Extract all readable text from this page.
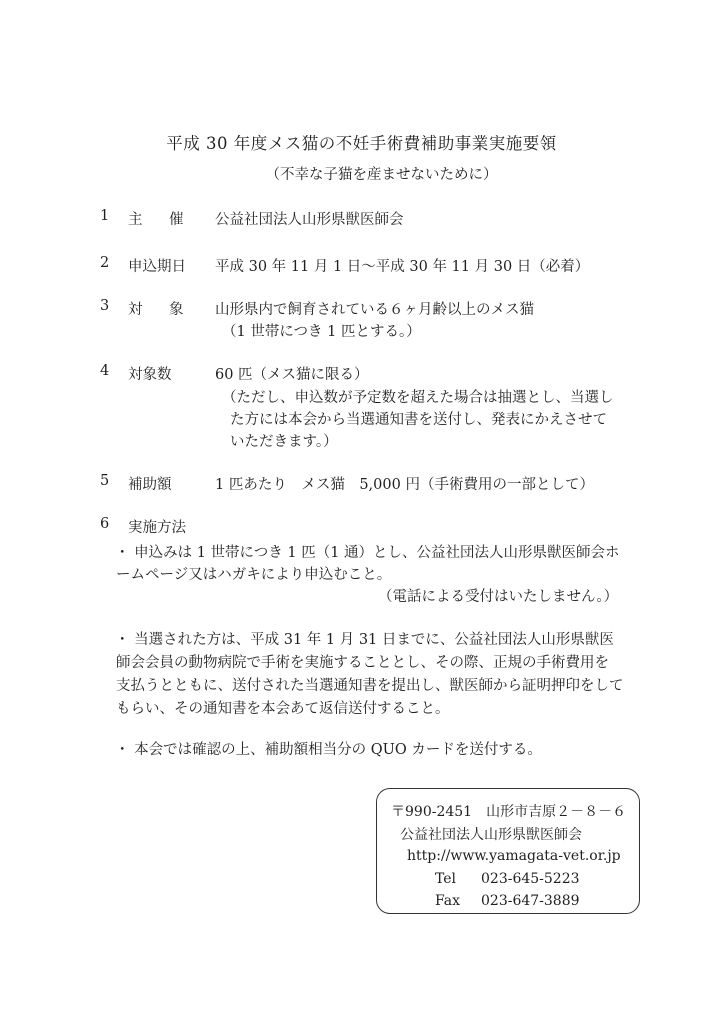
平成 30 年度メス猫の不妊手術費補助事業実施要領
（不幸な子猫を産ませないために）
1 主　催 公益社団法人山形県獣医師会
2 申込期日 平成 30 年 11 月 1 日～平成 30 年 11 月 30 日（必着）
3 対　象 山形県内で飼育されている６ヶ月齢以上のメス猫
（1 世帯につき 1 匹とする。）
4 対象数	60 匹（メス猫に限る）
（ただし、申込数が予定数を超えた場合は抽選とし、当選し
た方には本会から当選通知書を送付し、発表にかえさせて
いただきます。）
5 補助額	1 匹あたり　メス猫　5,000 円（手術費用の一部として）
6 実施方法
・ 申込みは 1 世帯につき 1 匹（1 通）とし、公益社団法人山形県獣医師会ホ
ームページ又はハガキにより申込むこと。
（電話による受付はいたしません。）
・ 当選された方は、平成 31 年 1 月 31 日までに、公益社団法人山形県獣医
師会会員の動物病院で手術を実施することとし、その際、正規の手術費用を
支払うとともに、送付された当選通知書を提出し、獣医師から証明押印をして
もらい、その通知書を本会あて返信送付すること。
・ 本会では確認の上、補助額相当分の QUO カードを送付する。
〒990-2451　山形市吉原２－８－６
公益社団法人山形県獣医師会
http://www.yamagata-vet.or.jp
Tel 023-645-5223
Fax 023-647-3889
